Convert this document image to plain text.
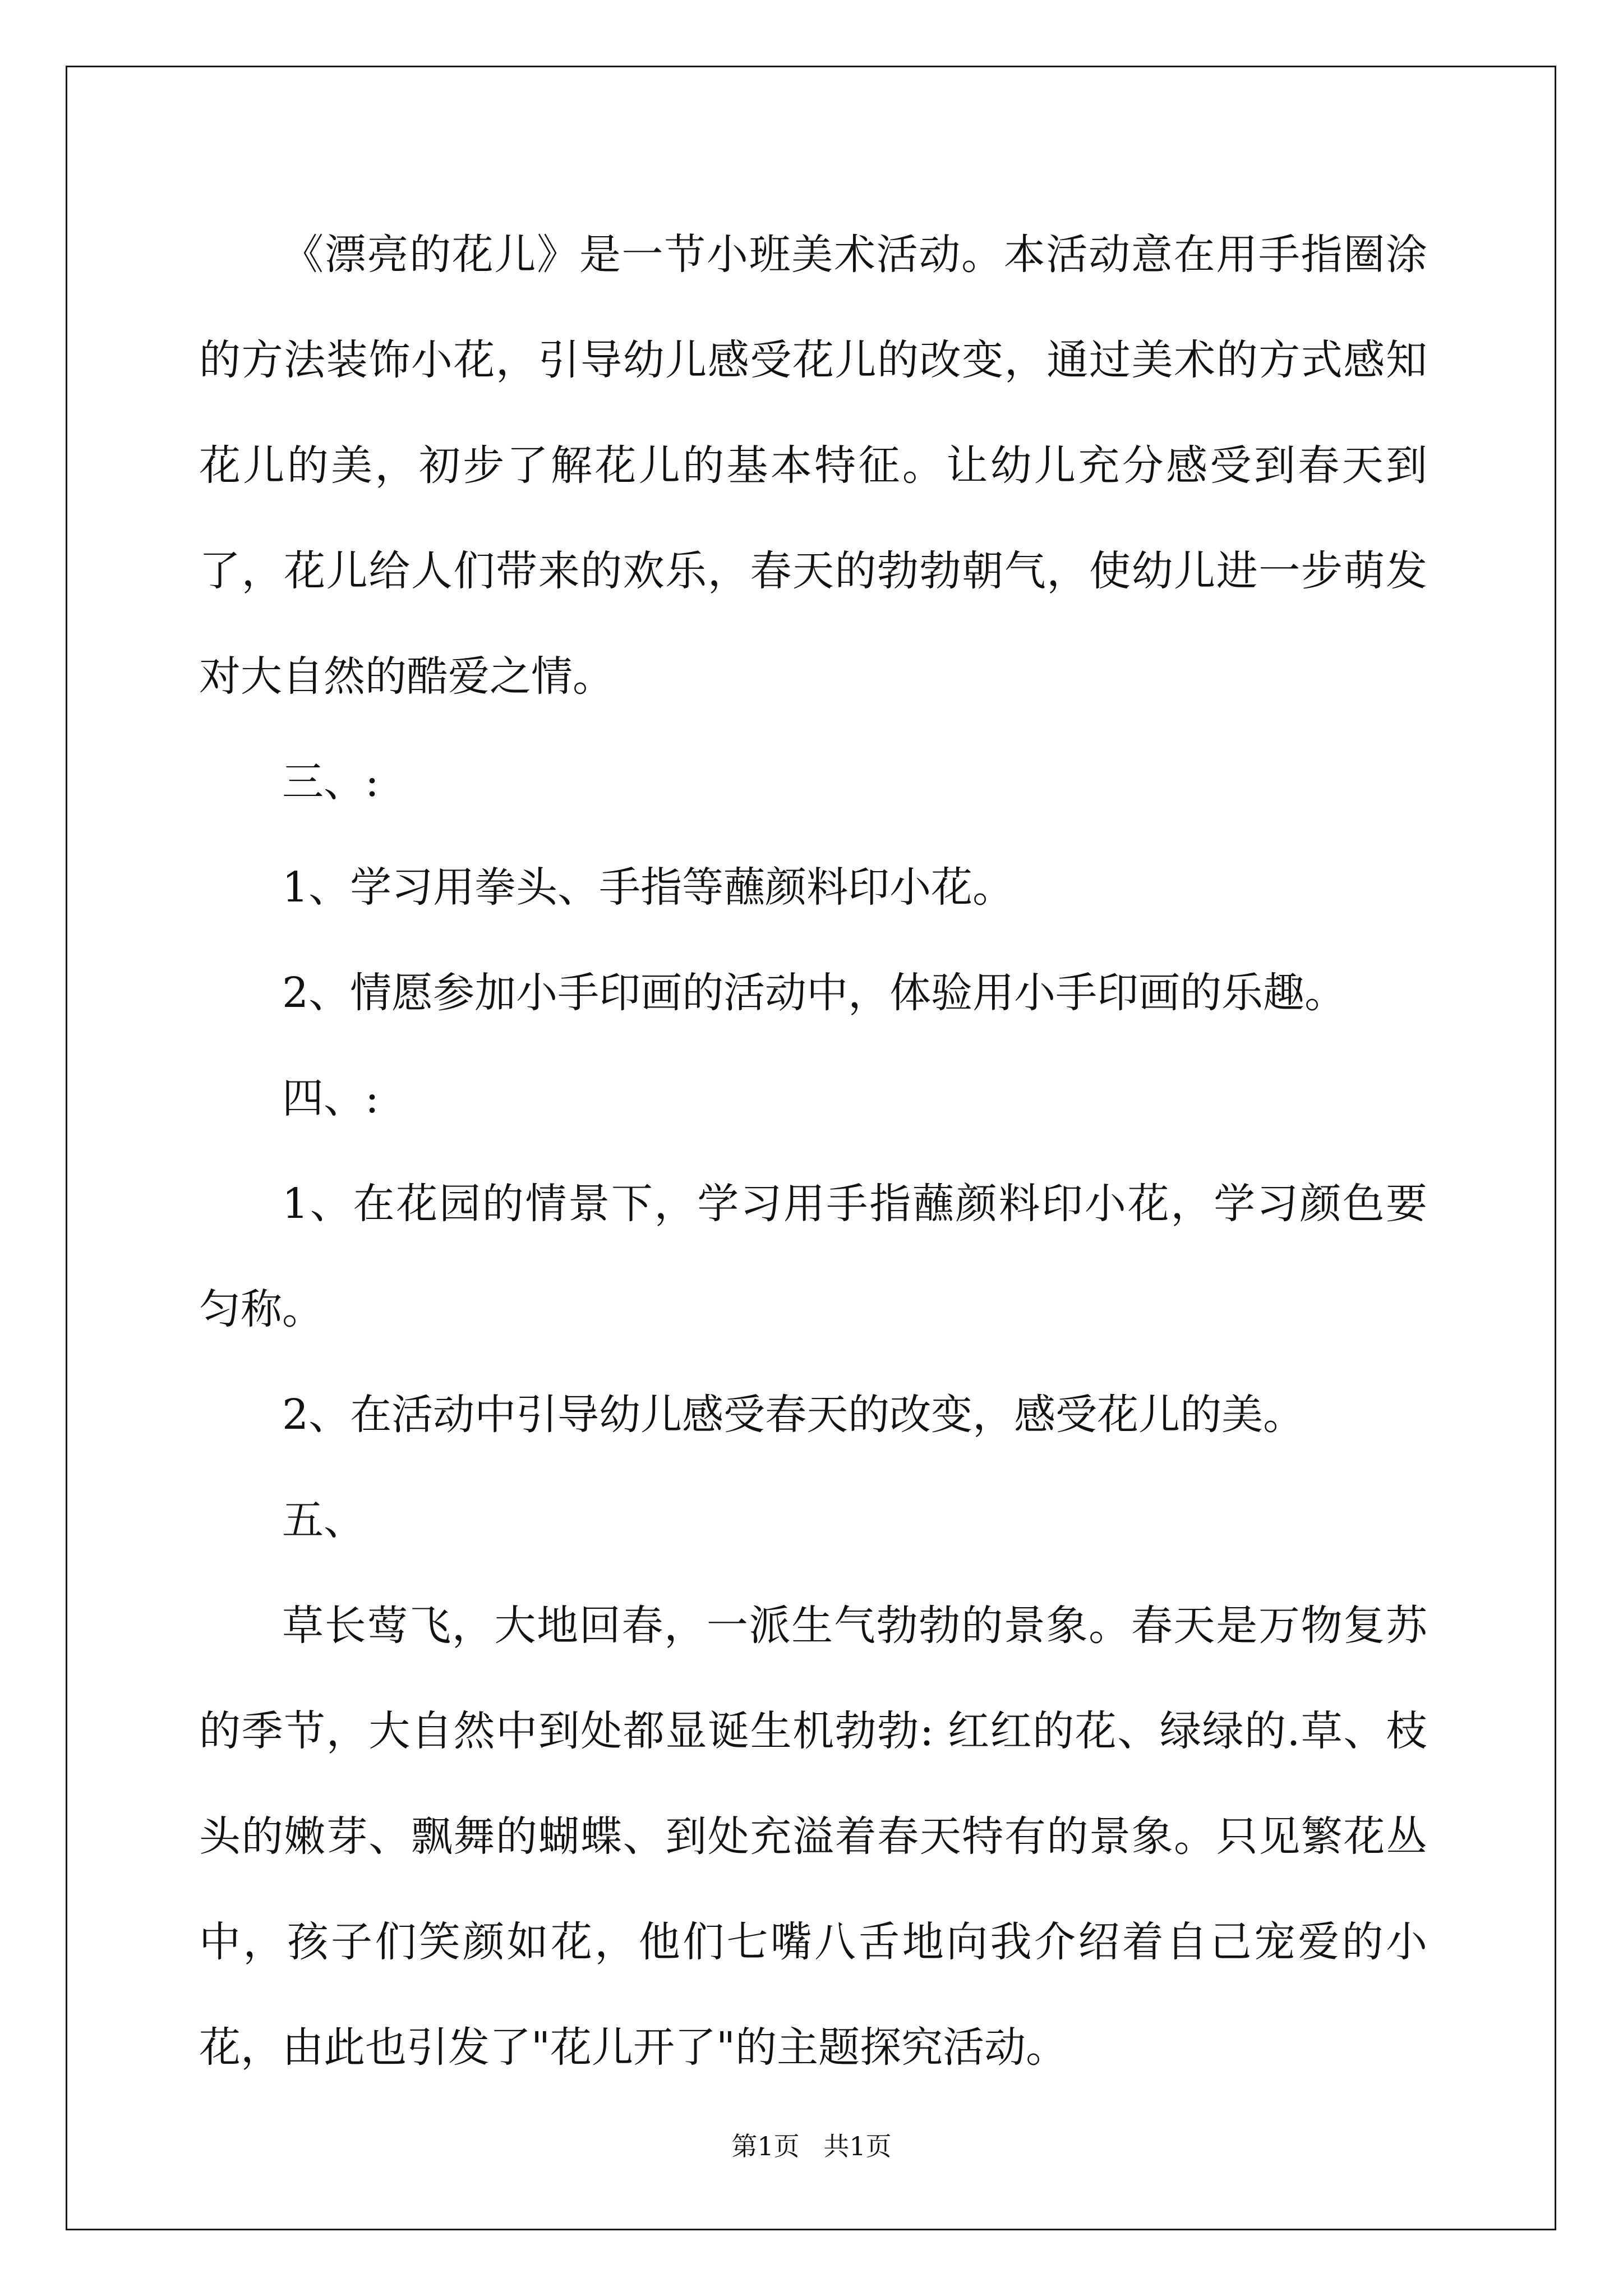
《漂亮的花儿》是一节小班美术活动。本活动意在用手指圈涂的方法装饰小花，引导幼儿感受花儿的改变，通过美术的方式感知花儿的美，初步了解花儿的基本特征。让幼儿充分感受到春天到了，花儿给人们带来的欢乐，春天的勃勃朝气，使幼儿进一步萌发对大自然的酷爱之情。

三、:

1、学习用拳头、手指等蘸颜料印小花。

2、情愿参加小手印画的活动中，体验用小手印画的乐趣。

四、:

1、在花园的情景下，学习用手指蘸颜料印小花，学习颜色要匀称。

2、在活动中引导幼儿感受春天的改变，感受花儿的美。

五、

草长莺飞，大地回春，一派生气勃勃的景象。春天是万物复苏的季节，大自然中到处都显诞生机勃勃: 红红的花、绿绿的.草、枝头的嫩芽、飘舞的蝴蝶、到处充溢着春天特有的景象。只见繁花丛中，孩子们笑颜如花，他们七嘴八舌地向我介绍着自己宠爱的小花，由此也引发了"花儿开了"的主题探究活动。

第1页 共1页
